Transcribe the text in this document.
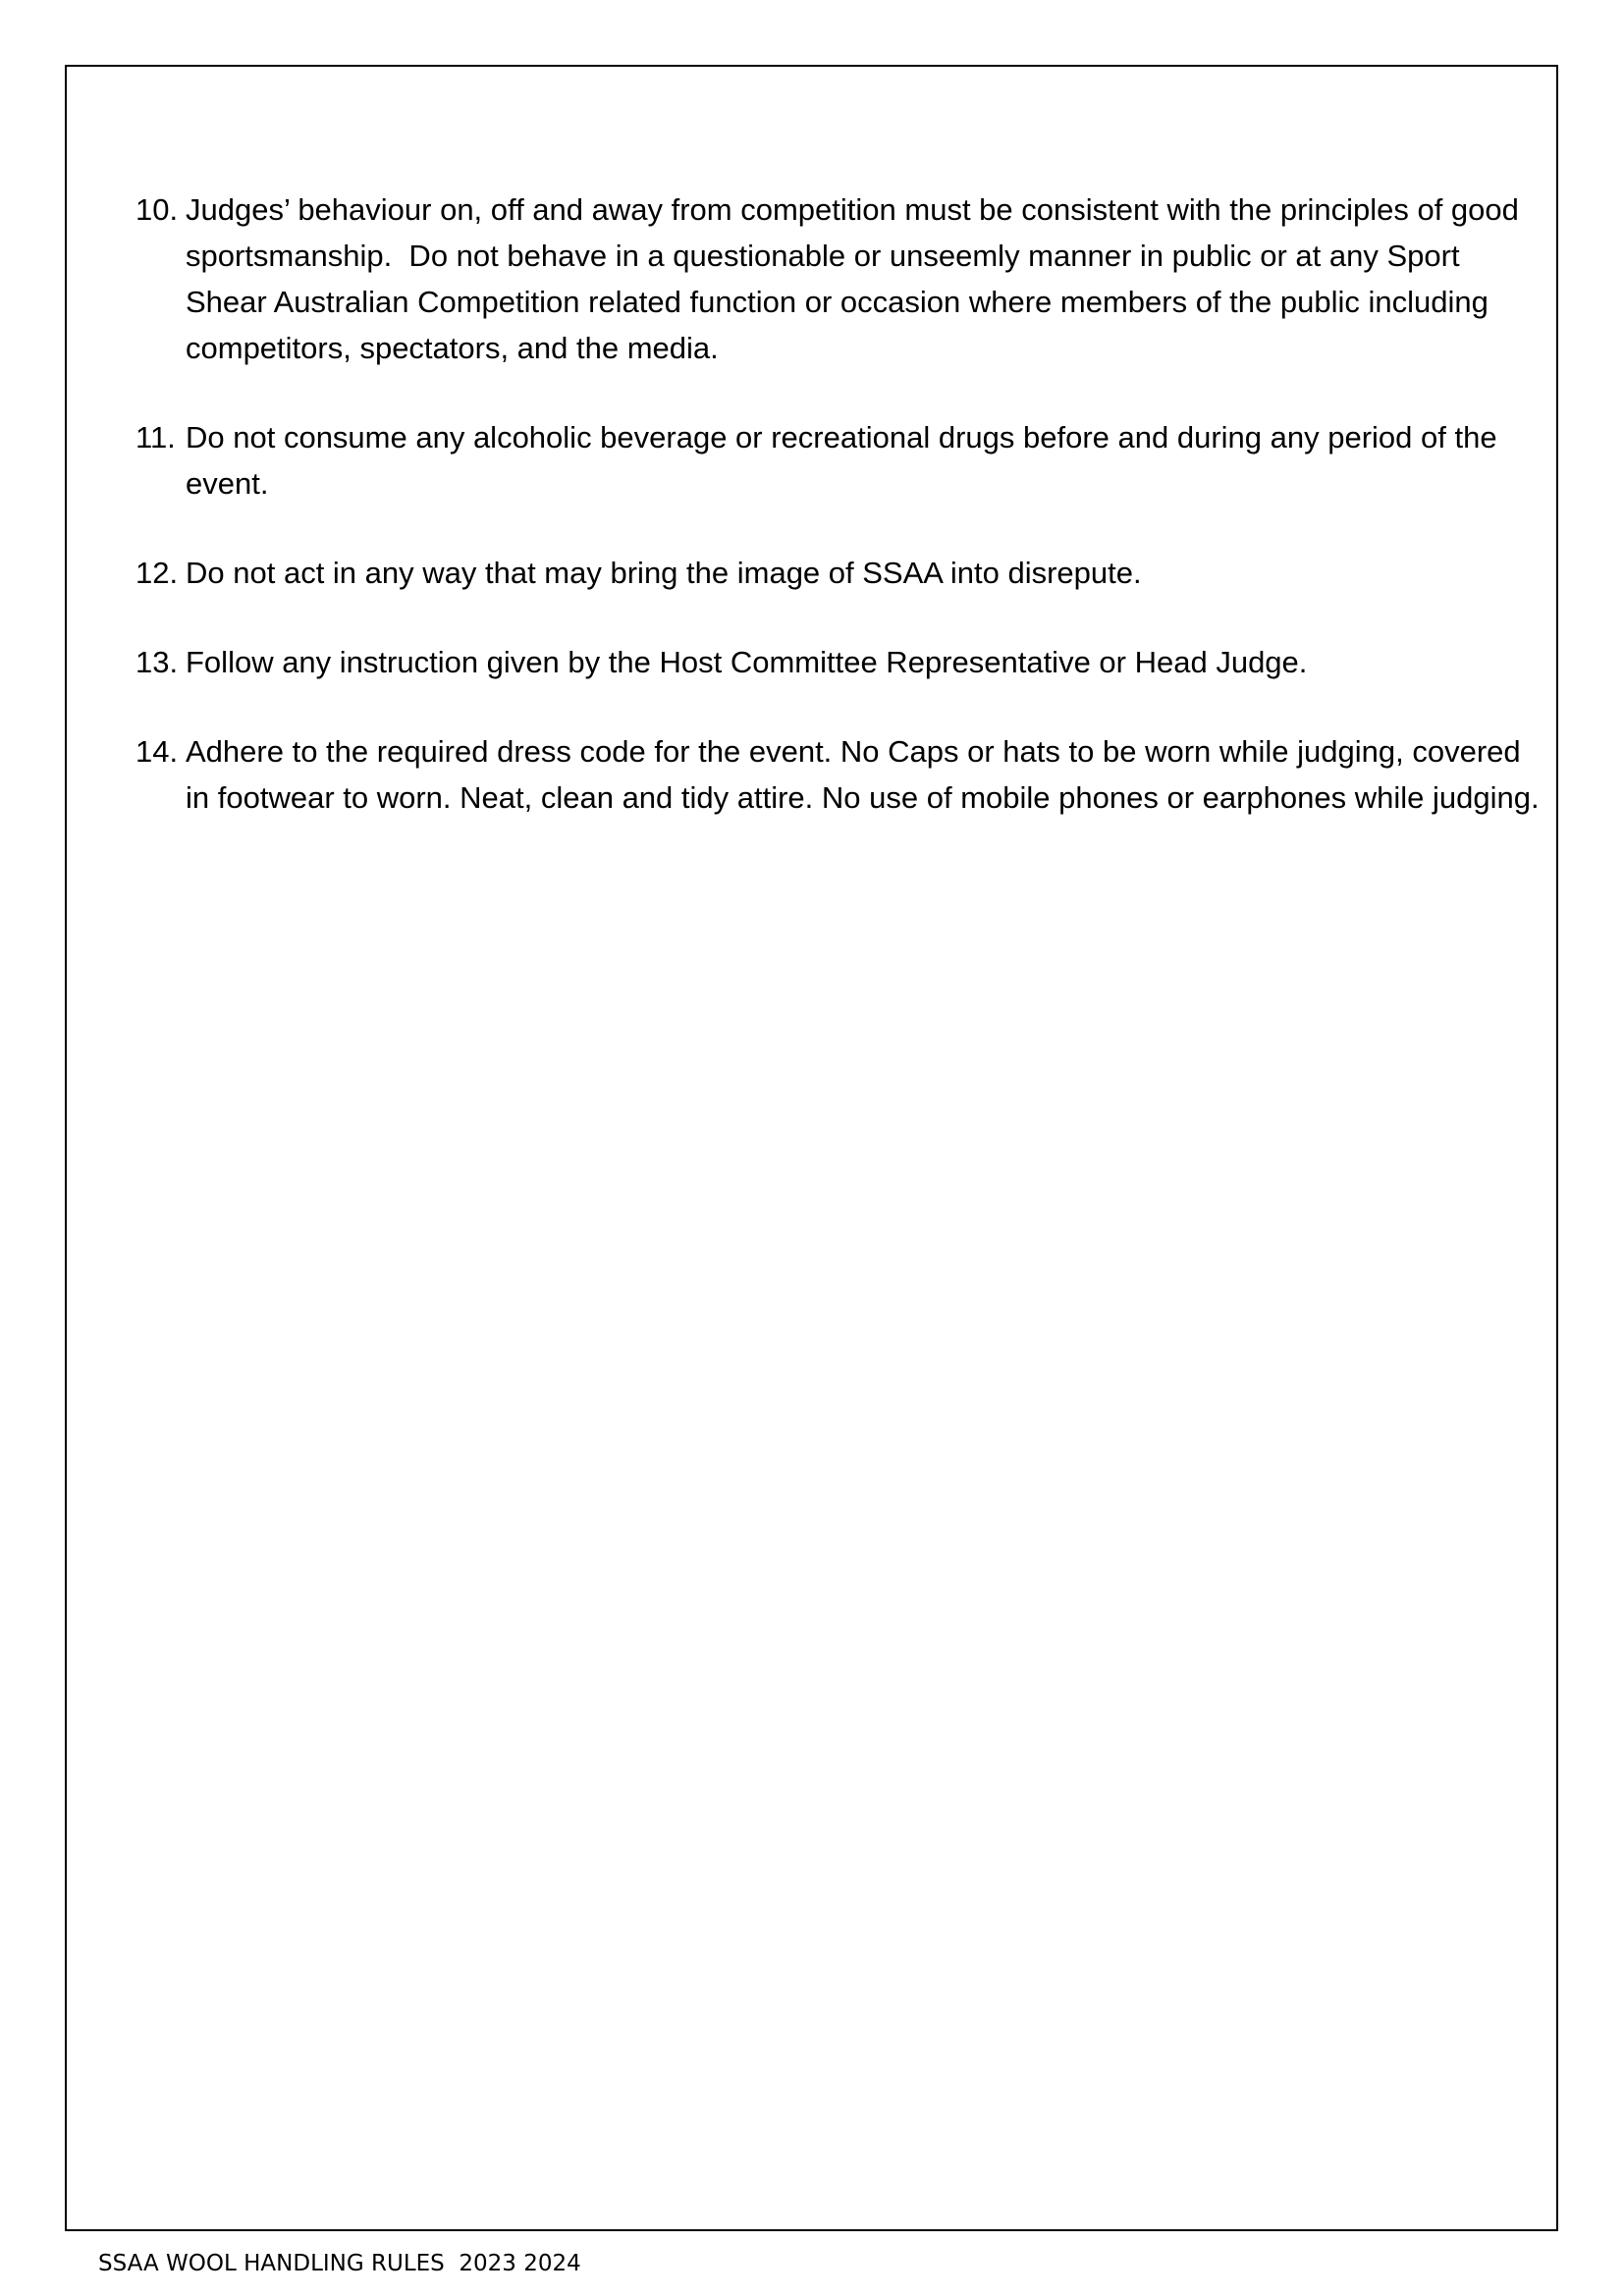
10. Judges’ behaviour on, off and away from competition must be consistent with the principles of good sportsmanship.  Do not behave in a questionable or unseemly manner in public or at any Sport Shear Australian Competition related function or occasion where members of the public including competitors, spectators, and the media.
11. Do not consume any alcoholic beverage or recreational drugs before and during any period of the event.
12. Do not act in any way that may bring the image of SSAA into disrepute.
13. Follow any instruction given by the Host Committee Representative or Head Judge.
14. Adhere to the required dress code for the event. No Caps or hats to be worn while judging, covered in footwear to worn. Neat, clean and tidy attire. No use of mobile phones or earphones while judging.
SSAA WOOL HANDLING RULES  2023 2024
